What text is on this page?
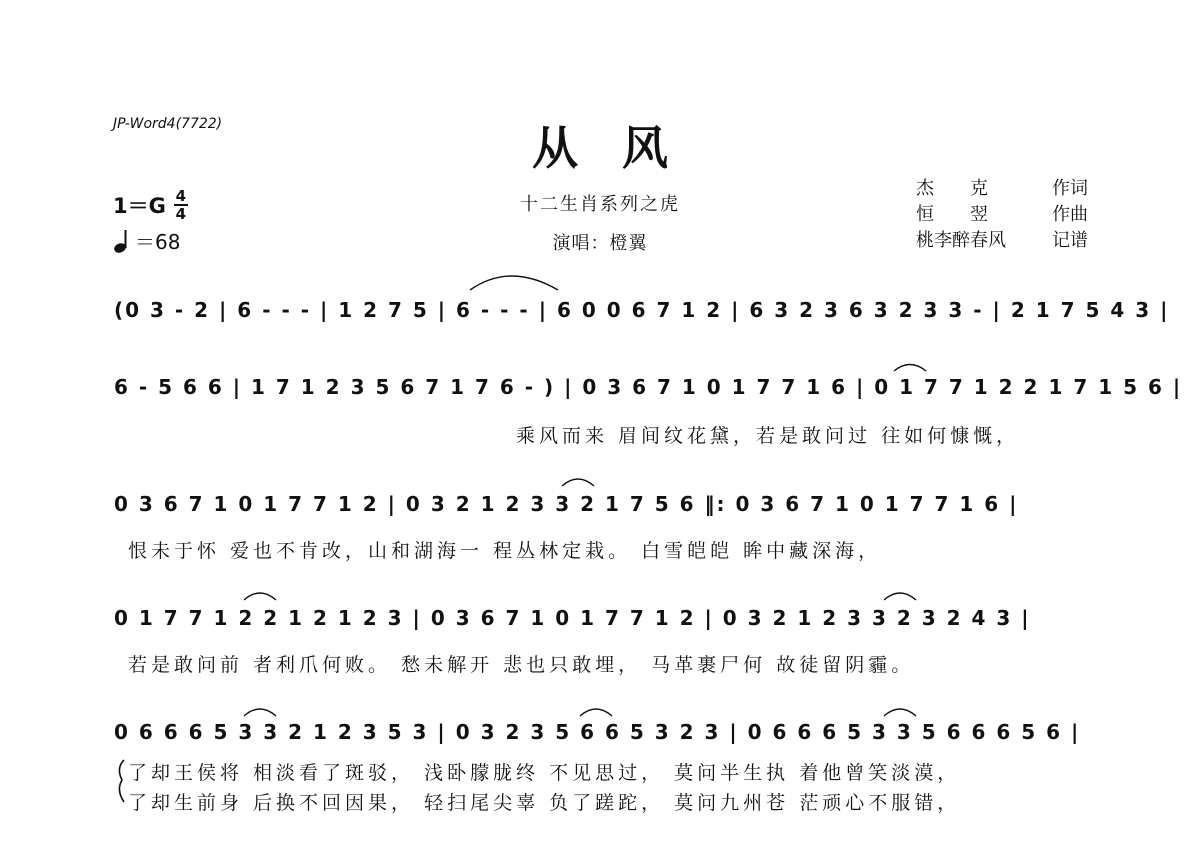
JP-Word4(7722)	从风
十二生肖系列之虎
演唱：橙翼
1＝G 4
4
＝68
杰　　克	作词
恒　　翌	作曲
桃李醉春风	记谱
(0 3 - 2 | 6 - - - | 1 2 7 5 | 6 - - - | 6 0 0 6 7 1 2 | 6 3 2 3 6 3 2 3 3 - | 2 1 7 5 4 3 |
6 - 5 6 6 | 1 7 1 2 3 5 6 7 1 7 6 - ) | 0 3 6 7 1 0 1 7 7 1 6 | 0 1 7 7 1 2 2 1 7 1 5 6 |
乘风而来 眉间纹花黛，若是敢问过 往如何慷慨，
0 3 6 7 1 0 1 7 7 1 2 | 0 3 2 1 2 3 3 2 1 7 5 6 ‖: 0 3 6 7 1 0 1 7 7 1 6 |
恨未于怀 爱也不肯改，山和湖海一 程丛林定栽。 白雪皑皑 眸中藏深海，
0 1 7 7 1 2 2 1 2 1 2 3 | 0 3 6 7 1 0 1 7 7 1 2 | 0 3 2 1 2 3 3 2 3 2 4 3 |
若是敢问前 者利爪何败。 愁未解开 悲也只敢埋， 马革裹尸何 故徒留阴霾。
0 6 6 6 5 3 3 2 1 2 3 5 3 | 0 3 2 3 5 6 6 5 3 2 3 | 0 6 6 6 5 3 3 5 6 6 6 5 6 |
了却王侯将 相淡看了斑驳， 浅卧朦胧终 不见思过， 莫问半生执 着他曾笑淡漠，
了却生前身 后换不回因果， 轻扫尾尖辜 负了蹉跎， 莫问九州苍 茫顽心不服错，
